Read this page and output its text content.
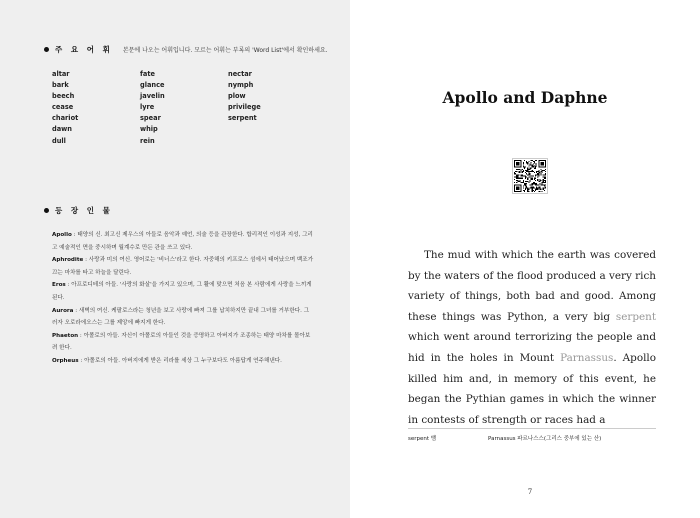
주 요 어 휘 본문에 나오는 어휘입니다. 모르는 어휘는 부록의 'Word List'에서 확인하세요.
altar	fate	nectar
bark	glance	nymph
beech	javelin	plow
cease	lyre	privilege
chariot	spear	serpent
dawn	whip
dull	rein
등 장 인 물

Apollo : 태양의 신. 최고신 제우스의 아들로 음악과 예언, 의술 등을 관장한다. 합리적인 이성과 지성, 그리고 예술적인 면을 중시하며 월계수로 만든 관을 쓰고 있다.

Aphrodite : 사랑과 미의 여신. 영어로는 '비너스'라고 한다. 자중해의 키프로스 섬에서 태어났으며 백조가 끄는 마차를 타고 하늘을 달린다.

Eros : 아프로디테의 아들. '사랑의 화살'을 가지고 있으며, 그 활에 맞으면 처음 본 사람에게 사랑을 느끼게 된다.

Aurora : 새벽의 여신. 케팔로스라는 청년을 보고 사랑에 빠져 그를 납치하지만 끝내 그녀를 거부한다. 그러자 오로라에오스는 그를 제앙에 빠지게 한다.

Phaeton : 아폴로의 아들. 자신이 아폴로의 아들인 것을 증명하고 아버지가 조종하는 태양 마차를 몰아보려 한다.

Orpheus : 아폴로의 아들. 아버지에게 받은 리라를 세상 그 누구보다도 아름답게 연주해낸다.

Apollo and Daphne
The mud with which the earth was covered by the waters of the flood produced a very rich variety of things, both bad and good. Among these things was Python, a very big serpent which went around terrorizing the people and hid in the holes in Mount Parnassus. Apollo killed him and, in memory of this event, he began the Pythian games in which the winner in contests of strength or races had a
serpent 뱀	Parnassus 파르나스스(그리스 중부에 있는 산)
7
